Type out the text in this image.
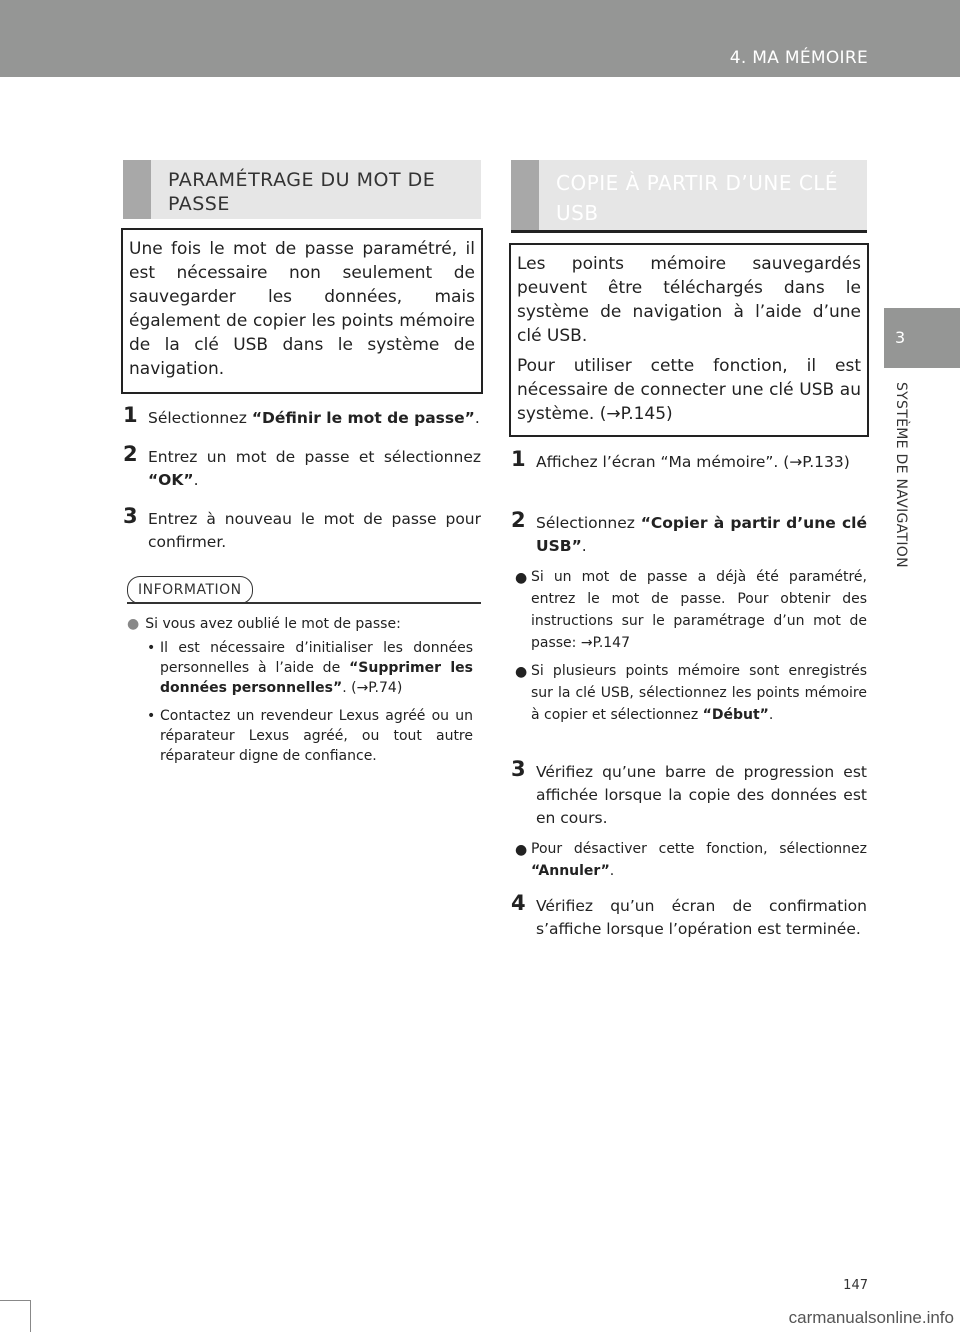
4. MA MÉMOIRE
3
SYSTÈME DE NAVIGATION
PARAMÉTRAGE DU MOT DE PASSE

Une fois le mot de passe paramétré, il est nécessaire non seulement de sauvegarder les données, mais également de copier les points mémoire de la clé USB dans le système de navigation.

1 Sélectionnez “Définir le mot de passe”.
2 Entrez un mot de passe et sélectionnez “OK”.
3 Entrez à nouveau le mot de passe pour confirmer.
INFORMATION
● Si vous avez oublié le mot de passe:
• Il est nécessaire d’initialiser les données personnelles à l’aide de “Supprimer les données personnelles”. (→P.74)
• Contactez un revendeur Lexus agréé ou un réparateur Lexus agréé, ou tout autre réparateur digne de confiance.
COPIE À PARTIR D’UNE CLÉ USB

Les points mémoire sauvegardés peuvent être téléchargés dans le système de navigation à l’aide d’une clé USB.

Pour utiliser cette fonction, il est nécessaire de connecter une clé USB au système. (→P.145)

1 Affichez l’écran “Ma mémoire”. (→P.133)
2 Sélectionnez “Copier à partir d’une clé USB”.
● Si un mot de passe a déjà été paramétré, entrez le mot de passe. Pour obtenir des instructions sur le paramétrage d’un mot de passe: →P.147
● Si plusieurs points mémoire sont enregistrés sur la clé USB, sélectionnez les points mémoire à copier et sélectionnez “Début”.
3 Vérifiez qu’une barre de progression est affichée lorsque la copie des données est en cours.
● Pour désactiver cette fonction, sélectionnez “Annuler”.
4 Vérifiez qu’un écran de confirmation s’affiche lorsque l’opération est terminée.
147
carmanualsonline.info
